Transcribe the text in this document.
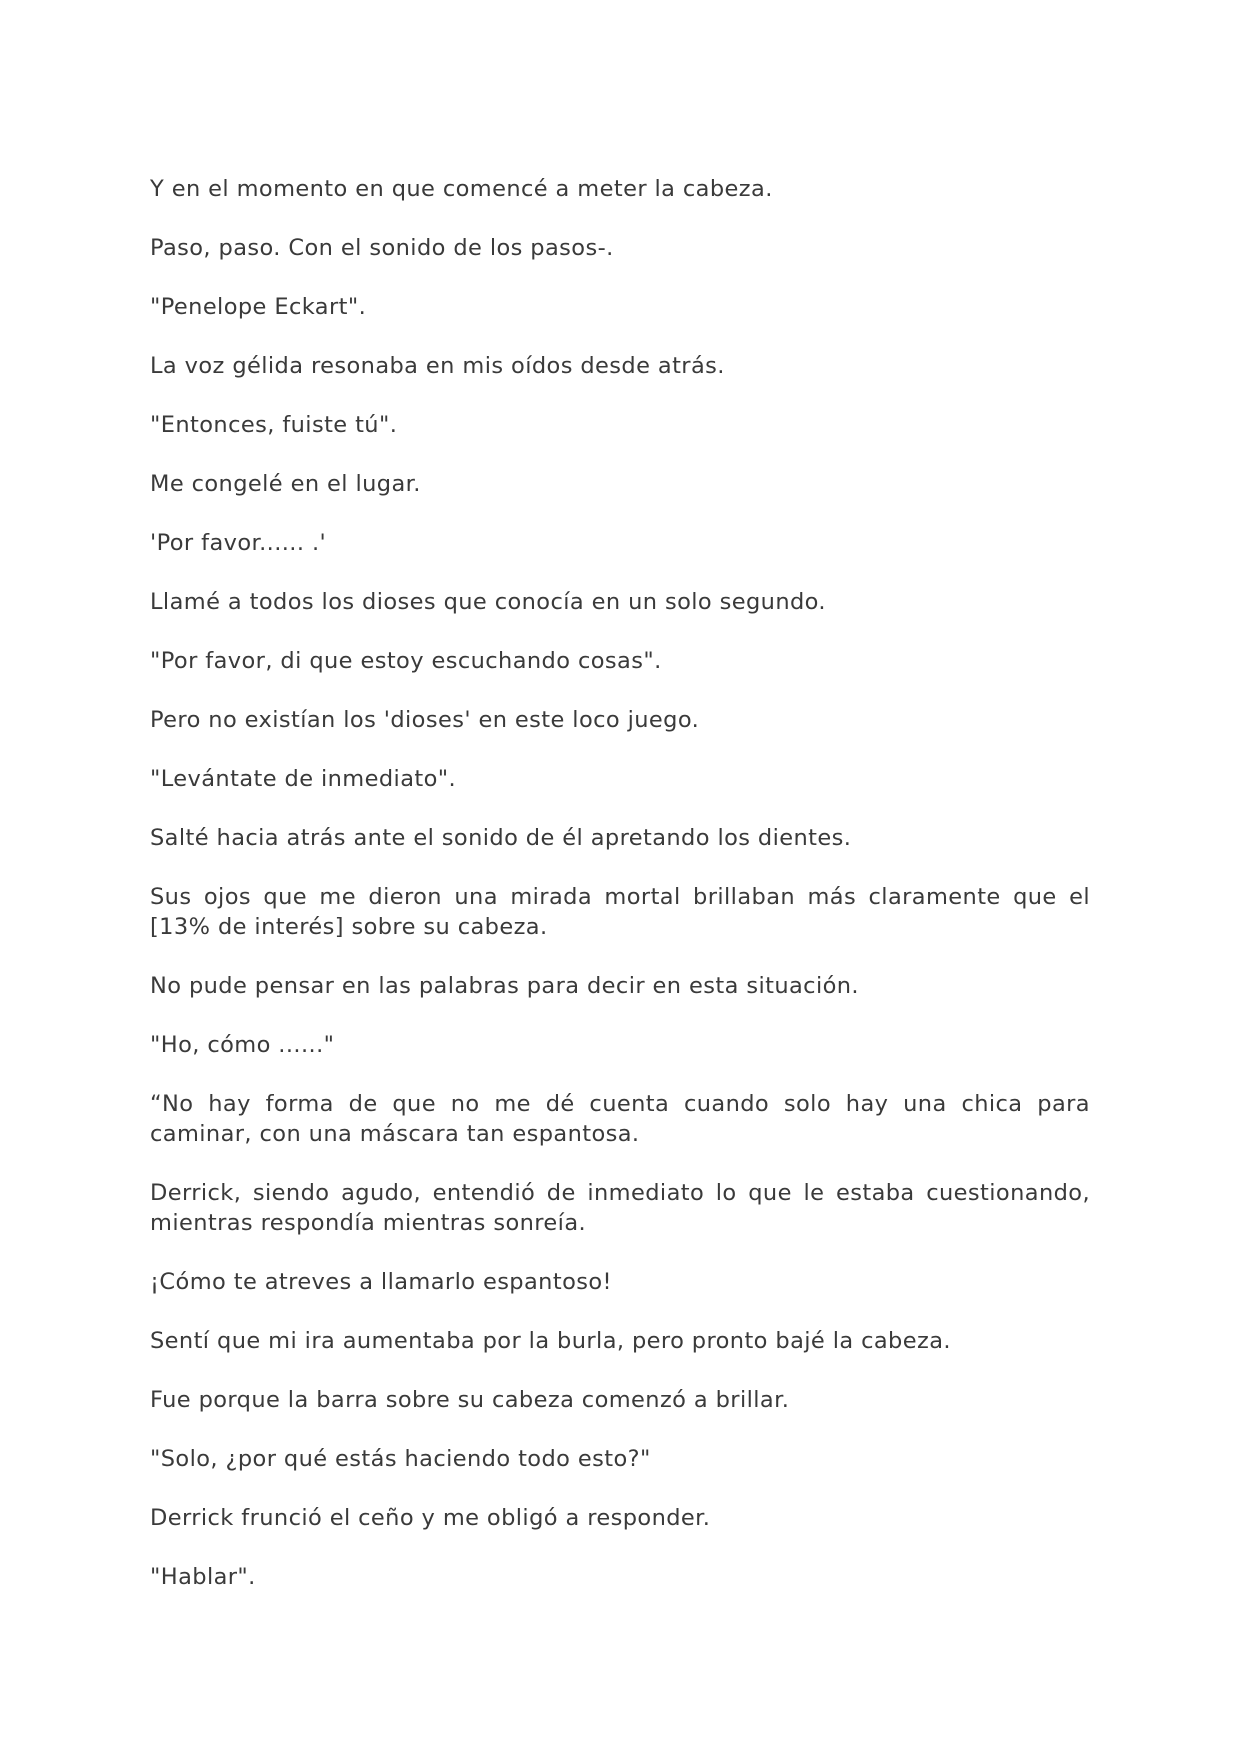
Y en el momento en que comencé a meter la cabeza.

Paso, paso. Con el sonido de los pasos-.

"Penelope Eckart".

La voz gélida resonaba en mis oídos desde atrás.

"Entonces, fuiste tú".

Me congelé en el lugar.

'Por favor...... .'

Llamé a todos los dioses que conocía en un solo segundo.

"Por favor, di que estoy escuchando cosas".

Pero no existían los 'dioses' en este loco juego.

"Levántate de inmediato".

Salté hacia atrás ante el sonido de él apretando los dientes.

Sus ojos que me dieron una mirada mortal brillaban más claramente que el [13% de interés] sobre su cabeza.

No pude pensar en las palabras para decir en esta situación.

"Ho, cómo ......"

“No hay forma de que no me dé cuenta cuando solo hay una chica para caminar, con una máscara tan espantosa.

Derrick, siendo agudo, entendió de inmediato lo que le estaba cuestionando, mientras respondía mientras sonreía.

¡Cómo te atreves a llamarlo espantoso!

Sentí que mi ira aumentaba por la burla, pero pronto bajé la cabeza.

Fue porque la barra sobre su cabeza comenzó a brillar.

"Solo, ¿por qué estás haciendo todo esto?"

Derrick frunció el ceño y me obligó a responder.

"Hablar".
